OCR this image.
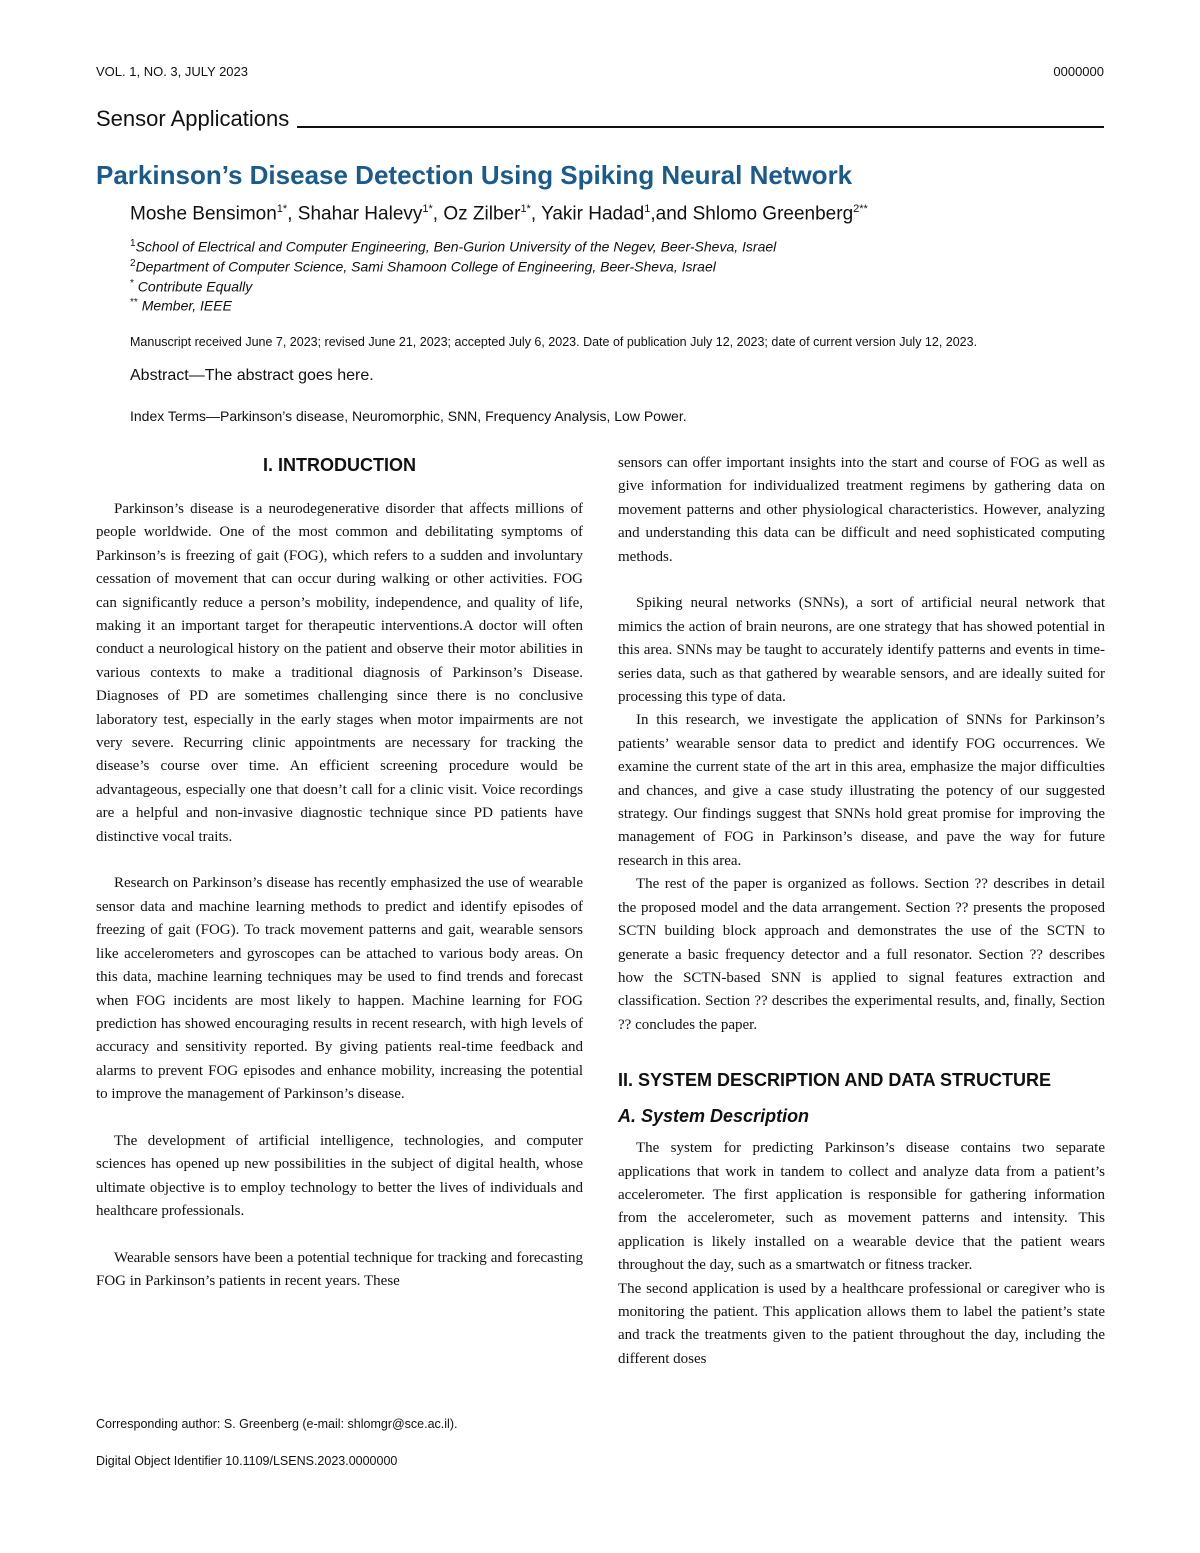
VOL. 1, NO. 3, JULY 2023	0000000
Sensor Applications
Parkinson’s Disease Detection Using Spiking Neural Network
Moshe Bensimon$^{1*}$, Shahar Halevy$^{1*}$, Oz Zilber$^{1*}$, Yakir Hadad$^1$,and Shlomo Greenberg$^{2**}$
$^1$School of Electrical and Computer Engineering, Ben-Gurion University of the Negev, Beer-Sheva, Israel
$^2$Department of Computer Science, Sami Shamoon College of Engineering, Beer-Sheva, Israel
* Contribute Equally
** Member, IEEE
Manuscript received June 7, 2023; revised June 21, 2023; accepted July 6, 2023. Date of publication July 12, 2023; date of current version July 12, 2023.
Abstract—The abstract goes here.
Index Terms—Parkinson’s disease, Neuromorphic, SNN, Frequency Analysis, Low Power.
I. INTRODUCTION

Parkinson’s disease is a neurodegenerative disorder that affects millions of people worldwide. One of the most common and debilitating symptoms of Parkinson’s is freezing of gait (FOG), which refers to a sudden and involuntary cessation of movement that can occur during walking or other activities. FOG can significantly reduce a person’s mobility, independence, and quality of life, making it an important target for therapeutic interventions.A doctor will often conduct a neurological history on the patient and observe their motor abilities in various contexts to make a traditional diagnosis of Parkinson’s Disease. Diagnoses of PD are sometimes challenging since there is no conclusive laboratory test, especially in the early stages when motor impairments are not very severe. Recurring clinic appointments are necessary for tracking the disease’s course over time. An efficient screening procedure would be advantageous, especially one that doesn’t call for a clinic visit. Voice recordings are a helpful and non-invasive diagnostic technique since PD patients have distinctive vocal traits.

Research on Parkinson’s disease has recently emphasized the use of wearable sensor data and machine learning methods to predict and identify episodes of freezing of gait (FOG). To track movement patterns and gait, wearable sensors like accelerometers and gyroscopes can be attached to various body areas. On this data, machine learning techniques may be used to find trends and forecast when FOG incidents are most likely to happen. Machine learning for FOG prediction has showed encouraging results in recent research, with high levels of accuracy and sensitivity reported. By giving patients real-time feedback and alarms to prevent FOG episodes and enhance mobility, increasing the potential to improve the management of Parkinson’s disease.

The development of artificial intelligence, technologies, and computer sciences has opened up new possibilities in the subject of digital health, whose ultimate objective is to employ technology to better the lives of individuals and healthcare professionals.

Wearable sensors have been a potential technique for tracking and forecasting FOG in Parkinson’s patients in recent years. These

sensors can offer important insights into the start and course of FOG as well as give information for individualized treatment regimens by gathering data on movement patterns and other physiological characteristics. However, analyzing and understanding this data can be difficult and need sophisticated computing methods.

Spiking neural networks (SNNs), a sort of artificial neural network that mimics the action of brain neurons, are one strategy that has showed potential in this area. SNNs may be taught to accurately identify patterns and events in time-series data, such as that gathered by wearable sensors, and are ideally suited for processing this type of data.

In this research, we investigate the application of SNNs for Parkinson’s patients’ wearable sensor data to predict and identify FOG occurrences. We examine the current state of the art in this area, emphasize the major difficulties and chances, and give a case study illustrating the potency of our suggested strategy. Our findings suggest that SNNs hold great promise for improving the management of FOG in Parkinson’s disease, and pave the way for future research in this area.

The rest of the paper is organized as follows. Section ?? describes in detail the proposed model and the data arrangement. Section ?? presents the proposed SCTN building block approach and demonstrates the use of the SCTN to generate a basic frequency detector and a full resonator. Section ?? describes how the SCTN-based SNN is applied to signal features extraction and classification. Section ?? describes the experimental results, and, finally, Section ?? concludes the paper.

II. SYSTEM DESCRIPTION AND DATA STRUCTURE
A. System Description

The system for predicting Parkinson’s disease contains two separate applications that work in tandem to collect and analyze data from a patient’s accelerometer. The first application is responsible for gathering information from the accelerometer, such as movement patterns and intensity. This application is likely installed on a wearable device that the patient wears throughout the day, such as a smartwatch or fitness tracker.

The second application is used by a healthcare professional or caregiver who is monitoring the patient. This application allows them to label the patient’s state and track the treatments given to the patient throughout the day, including the different doses

Corresponding author: S. Greenberg (e-mail: shlomgr@sce.ac.il).
Digital Object Identifier 10.1109/LSENS.2023.0000000
